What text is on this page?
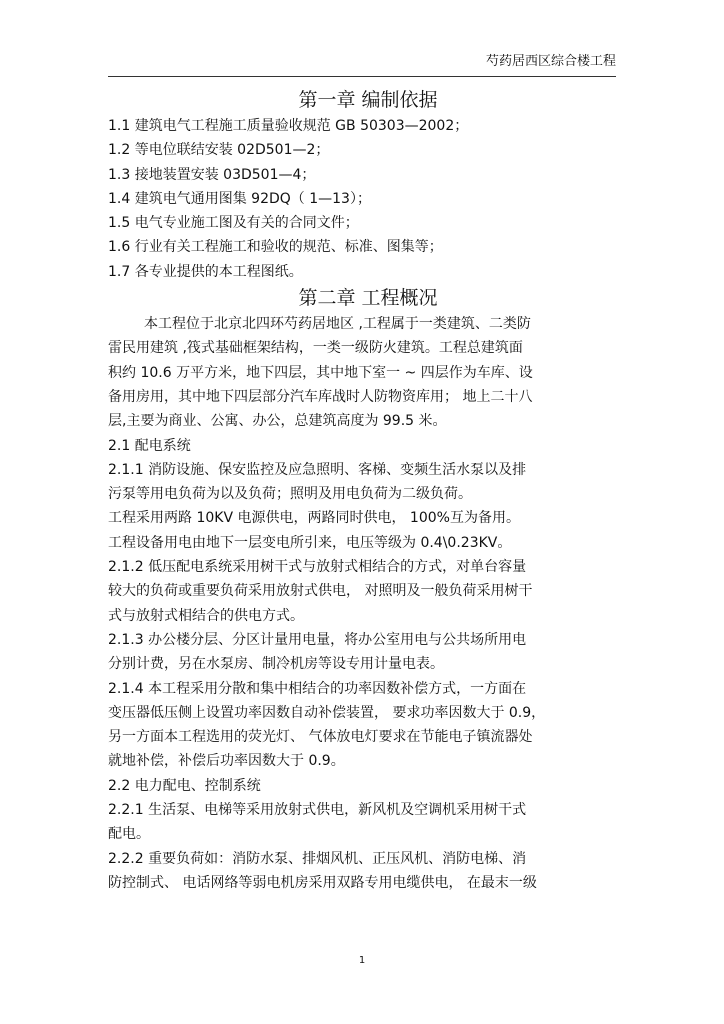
芍药居西区综合楼工程
第一章 编制依据
1.1 建筑电气工程施工质量验收规范 GB 50303—2002；
1.2 等电位联结安装 02D501—2；
1.3 接地装置安装 03D501—4；
1.4 建筑电气通用图集 92DQ（ 1—13）；
1.5 电气专业施工图及有关的合同文件；
1.6 行业有关工程施工和验收的规范、标准、图集等；
1.7 各专业提供的本工程图纸。
第二章 工程概况
本工程位于北京北四环芍药居地区 ,工程属于一类建筑、二类防
雷民用建筑 ,筏式基础框架结构，一类一级防火建筑。工程总建筑面
积约 10.6 万平方米，地下四层，其中地下室一 ~ 四层作为车库、设
备用房用，其中地下四层部分汽车库战时人防物资库用； 地上二十八
层,主要为商业、公寓、办公，总建筑高度为 99.5 米。
2.1 配电系统
2.1.1 消防设施、保安监控及应急照明、客梯、变频生活水泵以及排
污泵等用电负荷为以及负荷；照明及用电负荷为二级负荷。
工程采用两路 10KV 电源供电，两路同时供电， 100%互为备用。
工程设备用电由地下一层变电所引来，电压等级为 0.4\0.23KV。
2.1.2 低压配电系统采用树干式与放射式相结合的方式，对单台容量
较大的负荷或重要负荷采用放射式供电， 对照明及一般负荷采用树干
式与放射式相结合的供电方式。
2.1.3 办公楼分层、分区计量用电量，将办公室用电与公共场所用电
分别计费，另在水泵房、制冷机房等设专用计量电表。
2.1.4 本工程采用分散和集中相结合的功率因数补偿方式，一方面在
变压器低压侧上设置功率因数自动补偿装置， 要求功率因数大于 0.9，
另一方面本工程选用的荧光灯、 气体放电灯要求在节能电子镇流器处
就地补偿，补偿后功率因数大于 0.9。
2.2 电力配电、控制系统
2.2.1 生活泵、电梯等采用放射式供电，新风机及空调机采用树干式
配电。
2.2.2 重要负荷如：消防水泵、排烟风机、正压风机、消防电梯、消
防控制式、 电话网络等弱电机房采用双路专用电缆供电， 在最末一级
1
